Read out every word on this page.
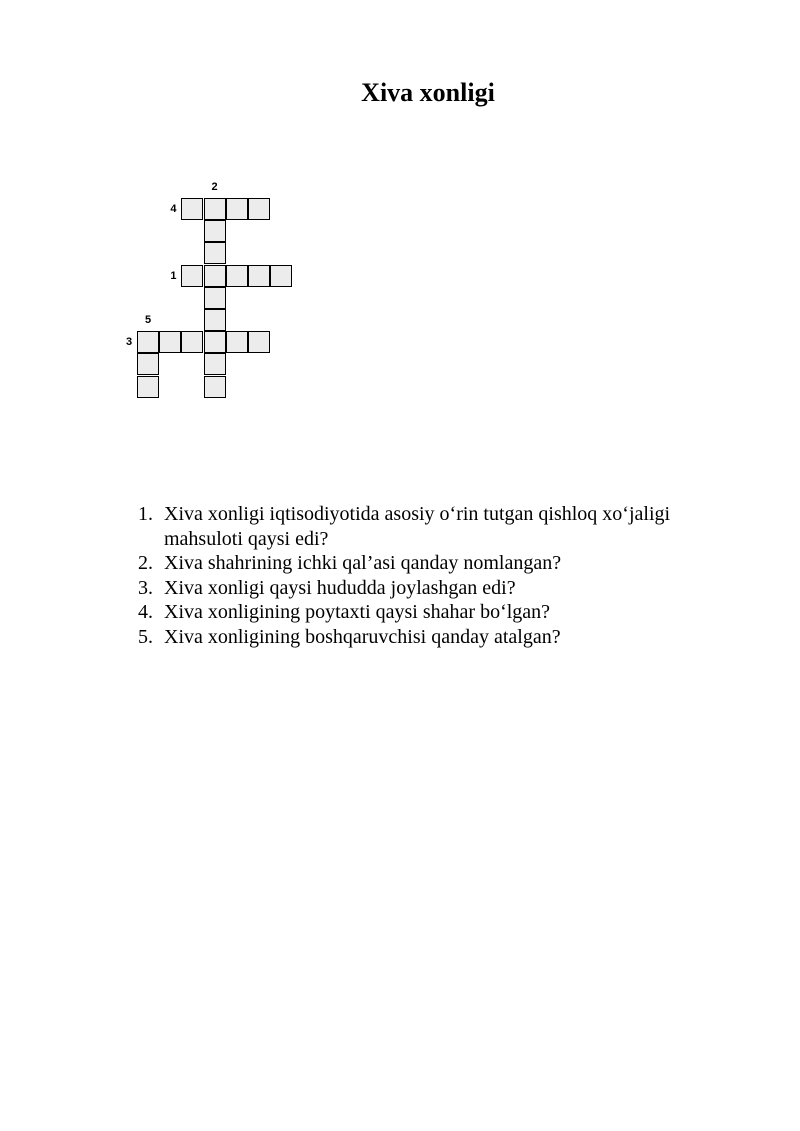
Xiva xonligi
1
2
3
4
5
1. Xiva xonligi iqtisodiyotida asosiy o‘rin tutgan qishloq xo‘jaligi mahsuloti qaysi edi?
2. Xiva shahrining ichki qal’asi qanday nomlangan?
3. Xiva xonligi qaysi hududda joylashgan edi?
4. Xiva xonligining poytaxti qaysi shahar bo‘lgan?
5. Xiva xonligining boshqaruvchisi qanday atalgan?
